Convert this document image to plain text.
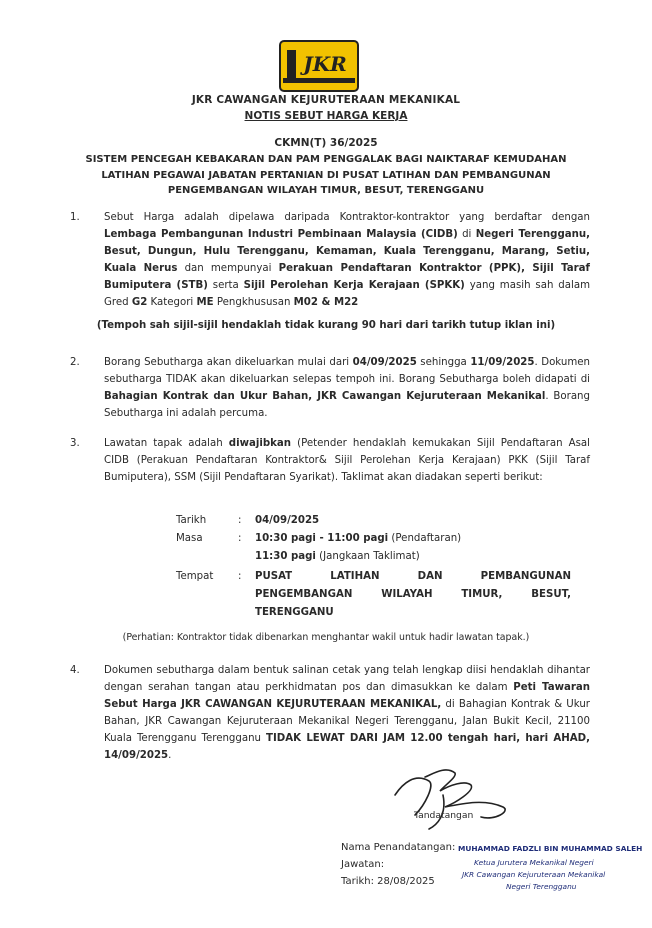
JKR
JKR CAWANGAN KEJURUTERAAN MEKANIKAL
NOTIS SEBUT HARGA KERJA
CKMN(T) 36/2025
SISTEM PENCEGAH KEBAKARAN DAN PAM PENGGALAK BAGI NAIKTARAF KEMUDAHAN
LATIHAN PEGAWAI JABATAN PERTANIAN DI PUSAT LATIHAN DAN PEMBANGUNAN
PENGEMBANGAN WILAYAH TIMUR, BESUT, TERENGGANU
1. Sebut Harga adalah dipelawa daripada Kontraktor-kontraktor yang berdaftar dengan Lembaga Pembangunan Industri Pembinaan Malaysia (CIDB) di Negeri Terengganu, Besut, Dungun, Hulu Terengganu, Kemaman, Kuala Terengganu, Marang, Setiu, Kuala Nerus dan mempunyai Perakuan Pendaftaran Kontraktor (PPK), Sijil Taraf Bumiputera (STB) serta Sijil Perolehan Kerja Kerajaan (SPKK) yang masih sah dalam Gred G2 Kategori ME Pengkhususan M02 & M22
(Tempoh sah sijil-sijil hendaklah tidak kurang 90 hari dari tarikh tutup iklan ini)
2. Borang Sebutharga akan dikeluarkan mulai dari 04/09/2025 sehingga 11/09/2025. Dokumen sebutharga TIDAK akan dikeluarkan selepas tempoh ini. Borang Sebutharga boleh didapati di Bahagian Kontrak dan Ukur Bahan, JKR Cawangan Kejuruteraan Mekanikal. Borang Sebutharga ini adalah percuma.
3. Lawatan tapak adalah diwajibkan (Petender hendaklah kemukakan Sijil Pendaftaran Asal CIDB (Perakuan Pendaftaran Kontraktor& Sijil Perolehan Kerja Kerajaan) PKK (Sijil Taraf Bumiputera), SSM (Sijil Pendaftaran Syarikat). Taklimat akan diadakan seperti berikut:
Tarikh	: 04/09/2025
Masa	: 10:30 pagi - 11:00 pagi (Pendaftaran)
11:30 pagi (Jangkaan Taklimat)
Tempat : PUSAT LATIHAN DAN PEMBANGUNAN
PENGEMBANGAN WILAYAH TIMUR, BESUT,
TERENGGANU
(Perhatian: Kontraktor tidak dibenarkan menghantar wakil untuk hadir lawatan tapak.)
4. Dokumen sebutharga dalam bentuk salinan cetak yang telah lengkap diisi hendaklah dihantar dengan serahan tangan atau perkhidmatan pos dan dimasukkan ke dalam Peti Tawaran Sebut Harga JKR CAWANGAN KEJURUTERAAN MEKANIKAL, di Bahagian Kontrak & Ukur Bahan, JKR Cawangan Kejuruteraan Mekanikal Negeri Terengganu, Jalan Bukit Kecil, 21100 Kuala Terengganu Terengganu TIDAK LEWAT DARI JAM 12.00 tengah hari, hari AHAD, 14/09/2025.
Tandatangan
Nama Penandatangan:
Jawatan:
Tarikh: 28/08/2025
MUHAMMAD FADZLI BIN MUHAMMAD SALEH
Ketua Jurutera Mekanikal Negeri
JKR Cawangan Kejuruteraan Mekanikal
Negeri Terengganu
